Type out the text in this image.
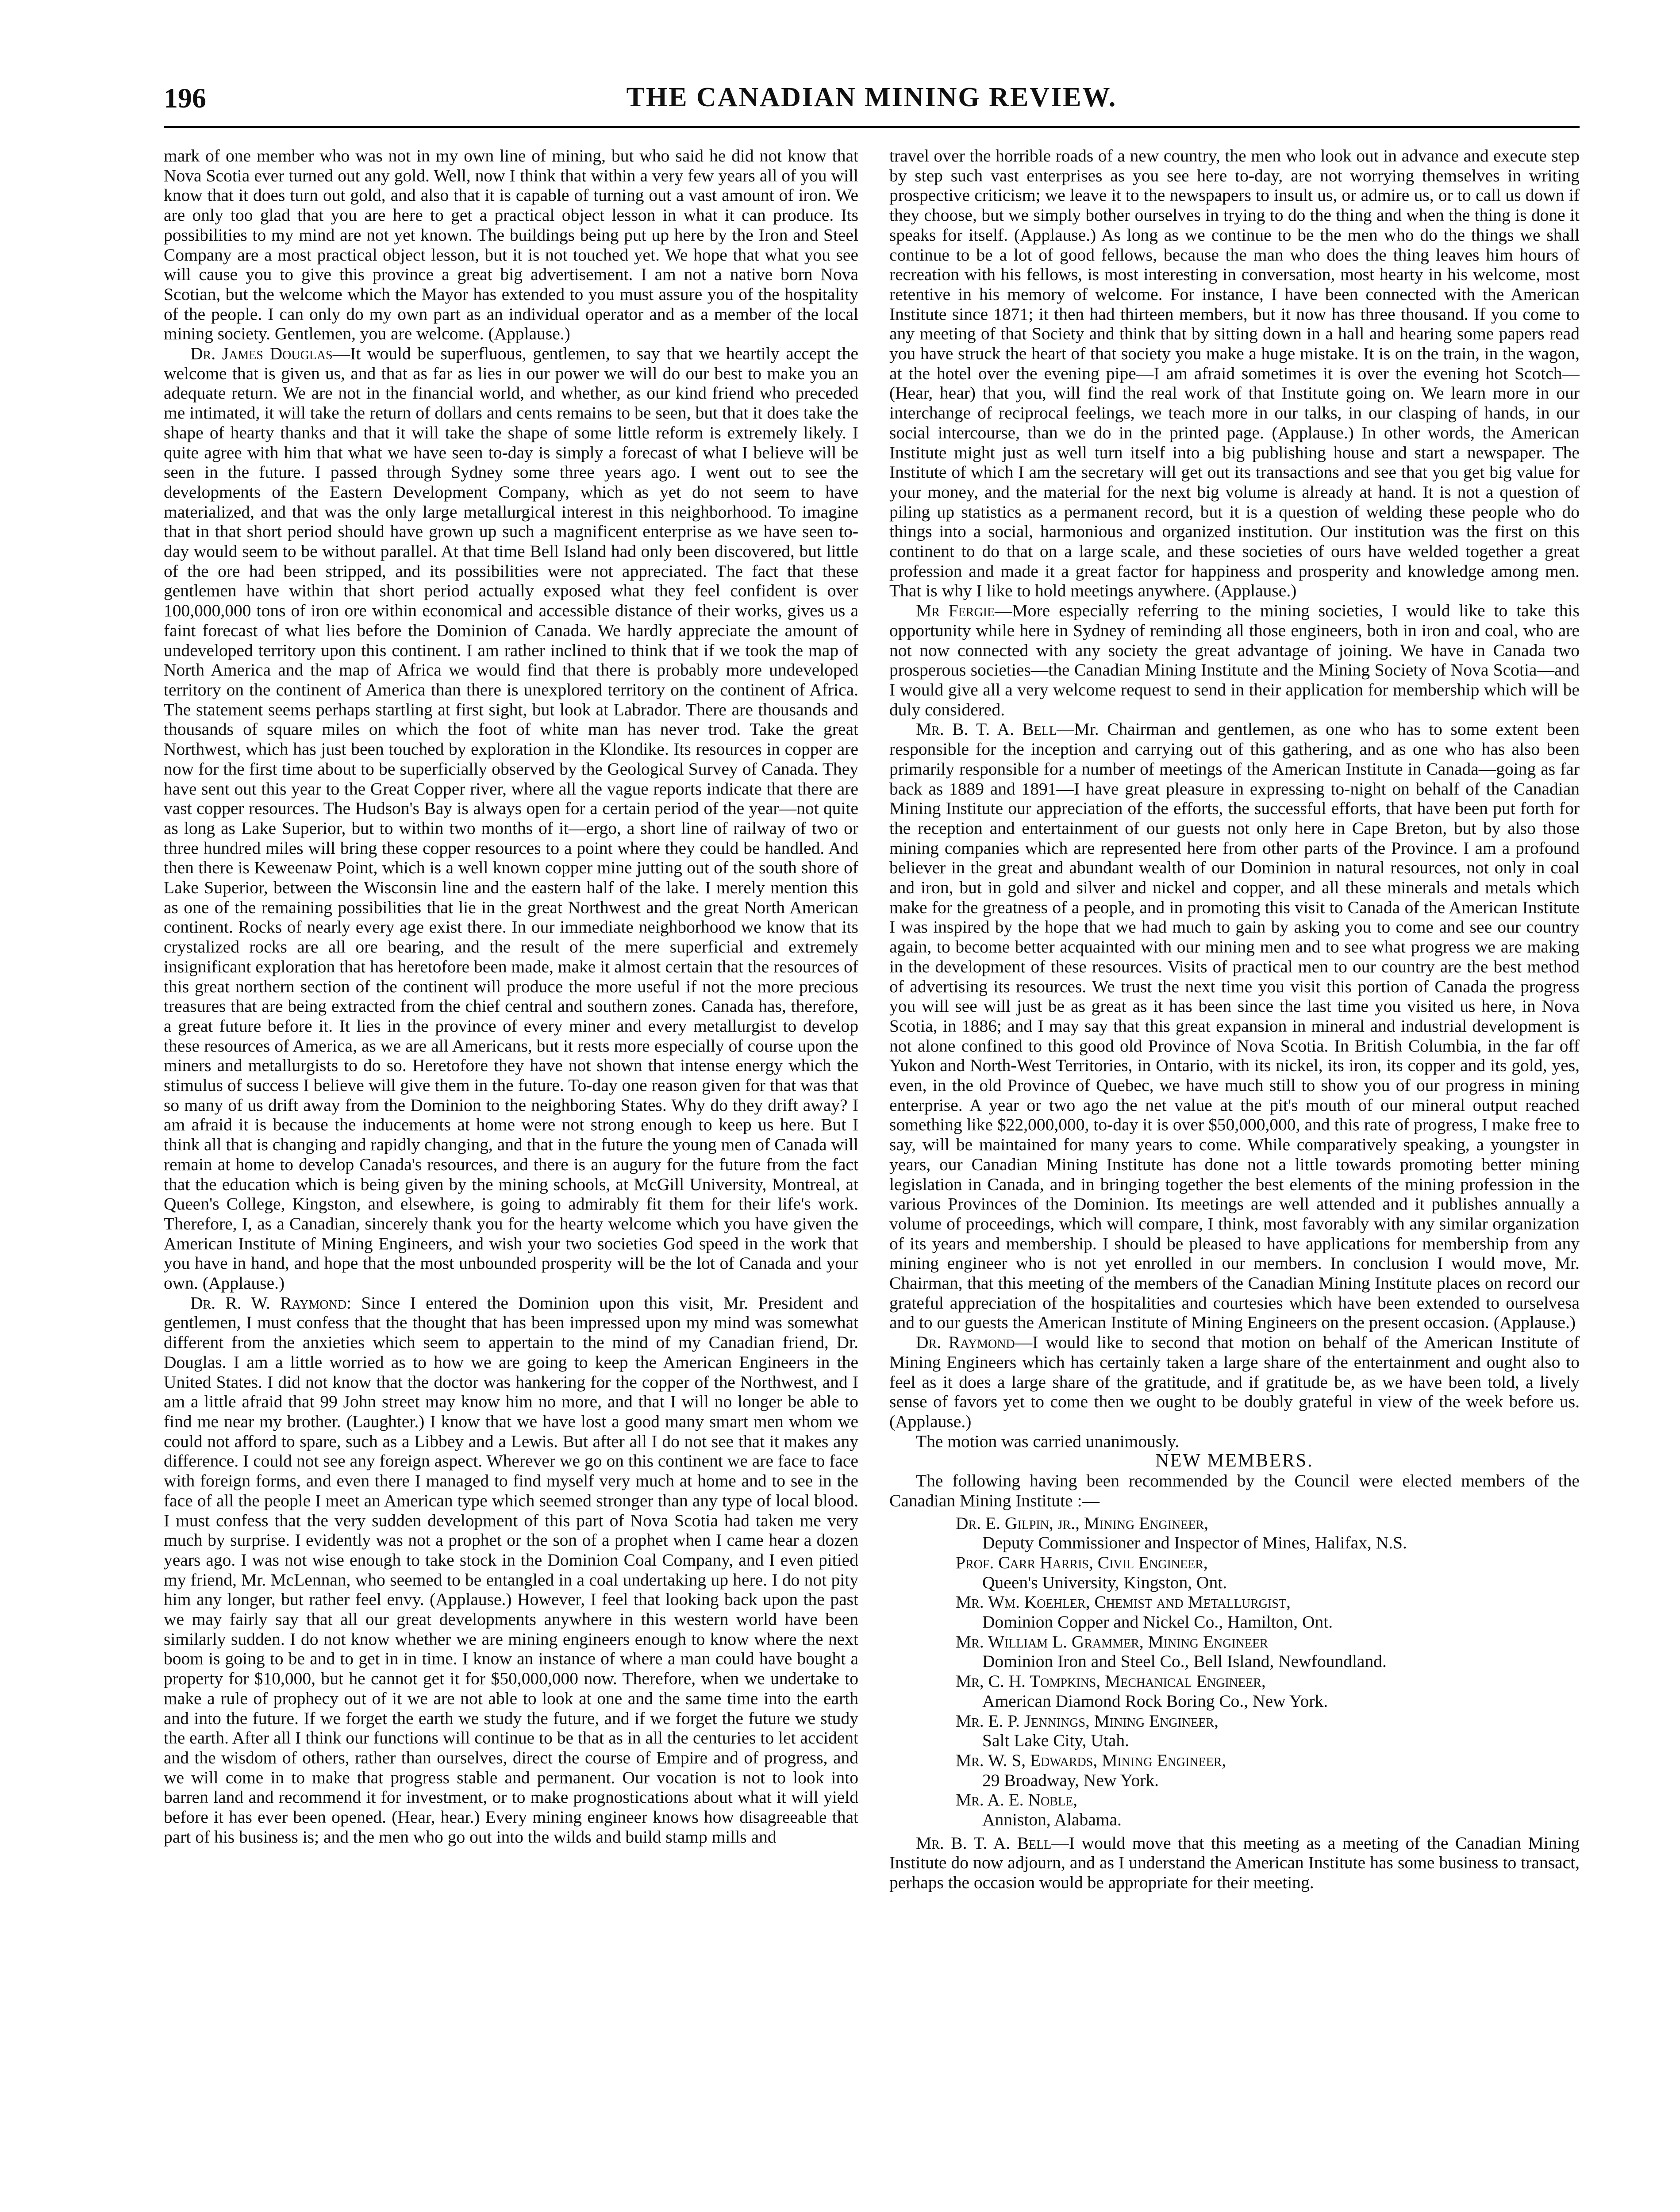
196	THE CANADIAN MINING REVIEW.

mark of one member who was not in my own line of mining, but who said he did not know that Nova Scotia ever turned out any gold. Well, now I think that within a very few years all of you will know that it does turn out gold, and also that it is capable of turning out a vast amount of iron. We are only too glad that you are here to get a practical object lesson in what it can produce. Its possibilities to my mind are not yet known. The buildings being put up here by the Iron and Steel Company are a most practical object lesson, but it is not touched yet. We hope that what you see will cause you to give this province a great big advertisement. I am not a native born Nova Scotian, but the welcome which the Mayor has extended to you must assure you of the hospitality of the people. I can only do my own part as an individual operator and as a member of the local mining society. Gentlemen, you are welcome. (Applause.)

Dr. James Douglas—It would be superfluous, gentlemen, to say that we heartily accept the welcome that is given us, and that as far as lies in our power we will do our best to make you an adequate return. We are not in the financial world, and whether, as our kind friend who preceded me intimated, it will take the return of dollars and cents remains to be seen, but that it does take the shape of hearty thanks and that it will take the shape of some little reform is extremely likely. I quite agree with him that what we have seen to-day is simply a forecast of what I believe will be seen in the future. I passed through Sydney some three years ago. I went out to see the developments of the Eastern Development Company, which as yet do not seem to have materialized, and that was the only large metallurgical interest in this neighborhood. To imagine that in that short period should have grown up such a magnificent enterprise as we have seen to-day would seem to be without parallel. At that time Bell Island had only been discovered, but little of the ore had been stripped, and its possibilities were not appreciated. The fact that these gentlemen have within that short period actually exposed what they feel confident is over 100,000,000 tons of iron ore within economical and accessible distance of their works, gives us a faint forecast of what lies before the Dominion of Canada. We hardly appreciate the amount of undeveloped territory upon this continent. I am rather inclined to think that if we took the map of North America and the map of Africa we would find that there is probably more undeveloped territory on the continent of America than there is unexplored territory on the continent of Africa. The statement seems perhaps startling at first sight, but look at Labrador. There are thousands and thousands of square miles on which the foot of white man has never trod. Take the great Northwest, which has just been touched by exploration in the Klondike. Its resources in copper are now for the first time about to be superficially observed by the Geological Survey of Canada. They have sent out this year to the Great Copper river, where all the vague reports indicate that there are vast copper resources. The Hudson's Bay is always open for a certain period of the year—not quite as long as Lake Superior, but to within two months of it—ergo, a short line of railway of two or three hundred miles will bring these copper resources to a point where they could be handled. And then there is Keweenaw Point, which is a well known copper mine jutting out of the south shore of Lake Superior, between the Wisconsin line and the eastern half of the lake. I merely mention this as one of the remaining possibilities that lie in the great Northwest and the great North American continent. Rocks of nearly every age exist there. In our immediate neighborhood we know that its crystalized rocks are all ore bearing, and the result of the mere superficial and extremely insignificant exploration that has heretofore been made, make it almost certain that the resources of this great northern section of the continent will produce the more useful if not the more precious treasures that are being extracted from the chief central and southern zones. Canada has, therefore, a great future before it. It lies in the province of every miner and every metallurgist to develop these resources of America, as we are all Americans, but it rests more especially of course upon the miners and metallurgists to do so. Heretofore they have not shown that intense energy which the stimulus of success I believe will give them in the future. To-day one reason given for that was that so many of us drift away from the Dominion to the neighboring States. Why do they drift away? I am afraid it is because the inducements at home were not strong enough to keep us here. But I think all that is changing and rapidly changing, and that in the future the young men of Canada will remain at home to develop Canada's resources, and there is an augury for the future from the fact that the education which is being given by the mining schools, at McGill University, Montreal, at Queen's College, Kingston, and elsewhere, is going to admirably fit them for their life's work. Therefore, I, as a Canadian, sincerely thank you for the hearty welcome which you have given the American Institute of Mining Engineers, and wish your two societies God speed in the work that you have in hand, and hope that the most unbounded prosperity will be the lot of Canada and your own. (Applause.)

Dr. R. W. Raymond: Since I entered the Dominion upon this visit, Mr. President and gentlemen, I must confess that the thought that has been impressed upon my mind was somewhat different from the anxieties which seem to appertain to the mind of my Canadian friend, Dr. Douglas. I am a little worried as to how we are going to keep the American Engineers in the United States. I did not know that the doctor was hankering for the copper of the Northwest, and I am a little afraid that 99 John street may know him no more, and that I will no longer be able to find me near my brother. (Laughter.) I know that we have lost a good many smart men whom we could not afford to spare, such as a Libbey and a Lewis. But after all I do not see that it makes any difference. I could not see any foreign aspect. Wherever we go on this continent we are face to face with foreign forms, and even there I managed to find myself very much at home and to see in the face of all the people I meet an American type which seemed stronger than any type of local blood. I must confess that the very sudden development of this part of Nova Scotia had taken me very much by surprise. I evidently was not a prophet or the son of a prophet when I came hear a dozen years ago. I was not wise enough to take stock in the Dominion Coal Company, and I even pitied my friend, Mr. McLennan, who seemed to be entangled in a coal undertaking up here. I do not pity him any longer, but rather feel envy. (Applause.) However, I feel that looking back upon the past we may fairly say that all our great developments anywhere in this western world have been similarly sudden. I do not know whether we are mining engineers enough to know where the next boom is going to be and to get in in time. I know an instance of where a man could have bought a property for $10,000, but he cannot get it for $50,000,000 now. Therefore, when we undertake to make a rule of prophecy out of it we are not able to look at one and the same time into the earth and into the future. If we forget the earth we study the future, and if we forget the future we study the earth. After all I think our functions will continue to be that as in all the centuries to let accident and the wisdom of others, rather than ourselves, direct the course of Empire and of progress, and we will come in to make that progress stable and permanent. Our vocation is not to look into barren land and recommend it for investment, or to make prognostications about what it will yield before it has ever been opened. (Hear, hear.) Every mining engineer knows how disagreeable that part of his business is; and the men who go out into the wilds and build stamp mills and

travel over the horrible roads of a new country, the men who look out in advance and execute step by step such vast enterprises as you see here to-day, are not worrying themselves in writing prospective criticism; we leave it to the newspapers to insult us, or admire us, or to call us down if they choose, but we simply bother ourselves in trying to do the thing and when the thing is done it speaks for itself. (Applause.) As long as we continue to be the men who do the things we shall continue to be a lot of good fellows, because the man who does the thing leaves him hours of recreation with his fellows, is most interesting in conversation, most hearty in his welcome, most retentive in his memory of welcome. For instance, I have been connected with the American Institute since 1871; it then had thirteen members, but it now has three thousand. If you come to any meeting of that Society and think that by sitting down in a hall and hearing some papers read you have struck the heart of that society you make a huge mistake. It is on the train, in the wagon, at the hotel over the evening pipe—I am afraid sometimes it is over the evening hot Scotch—(Hear, hear) that you, will find the real work of that Institute going on. We learn more in our interchange of reciprocal feelings, we teach more in our talks, in our clasping of hands, in our social intercourse, than we do in the printed page. (Applause.) In other words, the American Institute might just as well turn itself into a big publishing house and start a newspaper. The Institute of which I am the secretary will get out its transactions and see that you get big value for your money, and the material for the next big volume is already at hand. It is not a question of piling up statistics as a permanent record, but it is a question of welding these people who do things into a social, harmonious and organized institution. Our institution was the first on this continent to do that on a large scale, and these societies of ours have welded together a great profession and made it a great factor for happiness and prosperity and knowledge among men. That is why I like to hold meetings anywhere. (Applause.)

Mr Fergie—More especially referring to the mining societies, I would like to take this opportunity while here in Sydney of reminding all those engineers, both in iron and coal, who are not now connected with any society the great advantage of joining. We have in Canada two prosperous societies—the Canadian Mining Institute and the Mining Society of Nova Scotia—and I would give all a very welcome request to send in their application for membership which will be duly considered.

Mr. B. T. A. Bell—Mr. Chairman and gentlemen, as one who has to some extent been responsible for the inception and carrying out of this gathering, and as one who has also been primarily responsible for a number of meetings of the American Institute in Canada—going as far back as 1889 and 1891—I have great pleasure in expressing to-night on behalf of the Canadian Mining Institute our appreciation of the efforts, the successful efforts, that have been put forth for the reception and entertainment of our guests not only here in Cape Breton, but by also those mining companies which are represented here from other parts of the Province. I am a profound believer in the great and abundant wealth of our Dominion in natural resources, not only in coal and iron, but in gold and silver and nickel and copper, and all these minerals and metals which make for the greatness of a people, and in promoting this visit to Canada of the American Institute I was inspired by the hope that we had much to gain by asking you to come and see our country again, to become better acquainted with our mining men and to see what progress we are making in the development of these resources. Visits of practical men to our country are the best method of advertising its resources. We trust the next time you visit this portion of Canada the progress you will see will just be as great as it has been since the last time you visited us here, in Nova Scotia, in 1886; and I may say that this great expansion in mineral and industrial development is not alone confined to this good old Province of Nova Scotia. In British Columbia, in the far off Yukon and North-West Territories, in Ontario, with its nickel, its iron, its copper and its gold, yes, even, in the old Province of Quebec, we have much still to show you of our progress in mining enterprise. A year or two ago the net value at the pit's mouth of our mineral output reached something like $22,000,000, to-day it is over $50,000,000, and this rate of progress, I make free to say, will be maintained for many years to come. While comparatively speaking, a youngster in years, our Canadian Mining Institute has done not a little towards promoting better mining legislation in Canada, and in bringing together the best elements of the mining profession in the various Provinces of the Dominion. Its meetings are well attended and it publishes annually a volume of proceedings, which will compare, I think, most favorably with any similar organization of its years and membership. I should be pleased to have applications for membership from any mining engineer who is not yet enrolled in our members. In conclusion I would move, Mr. Chairman, that this meeting of the members of the Canadian Mining Institute places on record our grateful appreciation of the hospitalities and courtesies which have been extended to ourselvesa and to our guests the American Institute of Mining Engineers on the present occasion. (Applause.)

Dr. Raymond—I would like to second that motion on behalf of the American Institute of Mining Engineers which has certainly taken a large share of the entertainment and ought also to feel as it does a large share of the gratitude, and if gratitude be, as we have been told, a lively sense of favors yet to come then we ought to be doubly grateful in view of the week before us. (Applause.)

The motion was carried unanimously.

NEW MEMBERS.

The following having been recommended by the Council were elected members of the Canadian Mining Institute :—

Dr. E. Gilpin, jr., Mining Engineer,
Deputy Commissioner and Inspector of Mines, Halifax, N.S.

Prof. Carr Harris, Civil Engineer,
Queen's University, Kingston, Ont.

Mr. Wm. Koehler, Chemist and Metallurgist,
Dominion Copper and Nickel Co., Hamilton, Ont.

Mr. William L. Grammer, Mining Engineer
Dominion Iron and Steel Co., Bell Island, Newfoundland.

Mr, C. H. Tompkins, Mechanical Engineer,
American Diamond Rock Boring Co., New York.

Mr. E. P. Jennings, Mining Engineer,
Salt Lake City, Utah.

Mr. W. S, Edwards, Mining Engineer,
29 Broadway, New York.

Mr. A. E. Noble,
Anniston, Alabama.

Mr. B. T. A. Bell—I would move that this meeting as a meeting of the Canadian Mining Institute do now adjourn, and as I understand the American Institute has some business to transact, perhaps the occasion would be appropriate for their meeting.
